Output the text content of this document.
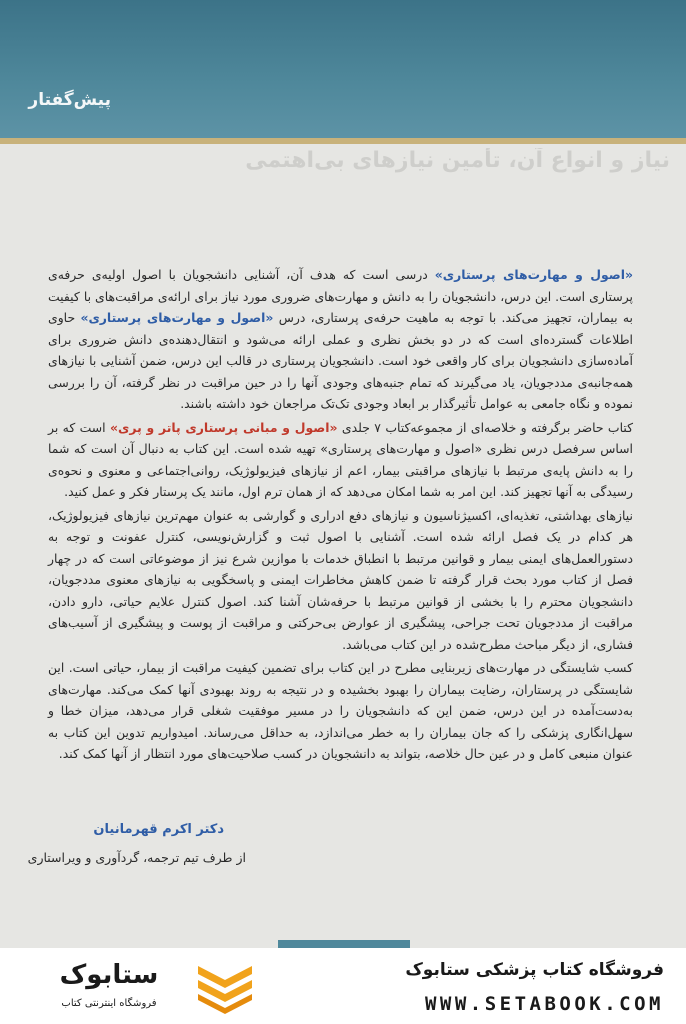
پیش‌گفتار
نیاز و انواع آن، تأمین نیازهای بی‌اهتمی

«اصول و مهارت‌های پرستاری» درسی است که هدف آن، آشنایی دانشجویان با اصول اولیه‌ی حرفه‌ی پرستاری است. این درس، دانشجویان را به دانش و مهارت‌های ضروری مورد نیاز برای ارائه‌ی مراقبت‌های با کیفیت به بیماران، تجهیز می‌کند. با توجه به ماهیت حرفه‌ی پرستاری، درس «اصول و مهارت‌های پرستاری» حاوی اطلاعات گسترده‌ای است که در دو بخش نظری و عملی ارائه می‌شود و انتقال‌دهنده‌ی دانش ضروری برای آماده‌سازی دانشجویان برای کار واقعی خود است. دانشجویان پرستاری در قالب این درس، ضمن آشنایی با نیازهای همه‌جانبه‌ی مددجویان، یاد می‌گیرند که تمام جنبه‌های وجودی آنها را در حین مراقبت در نظر گرفته، آن را بررسی نموده و نگاه جامعی به عوامل تأثیرگذار بر ابعاد وجودی تک‌تک مراجعان خود داشته باشند.

کتاب حاضر برگرفته و خلاصه‌ای از مجموعه‌کتاب ۷ جلدی «اصول و مبانی پرستاری پاتر و پری» است که بر اساس سرفصل درس نظری «اصول و مهارت‌های پرستاری» تهیه شده است. این کتاب به دنبال آن است که شما را به دانش پایه‌ی مرتبط با نیازهای مراقبتی بیمار، اعم از نیازهای فیزیولوژیک، روانی‌اجتماعی و معنوی و نحوه‌ی رسیدگی به آنها تجهیز کند. این امر به شما امکان می‌دهد که از همان ترم اول، مانند یک پرستار فکر و عمل کنید.

نیازهای بهداشتی، تغذیه‌ای، اکسیژناسیون و نیازهای دفع ادراری و گوارشی به عنوان مهم‌ترین نیازهای فیزیولوژیک، هر کدام در یک فصل ارائه شده است. آشنایی با اصول ثبت و گزارش‌نویسی، کنترل عفونت و توجه به دستورالعمل‌های ایمنی بیمار و قوانین مرتبط با انطباق خدمات با موازین شرع نیز از موضوعاتی است که در چهار فصل از کتاب مورد بحث قرار گرفته تا ضمن کاهش مخاطرات ایمنی و پاسخگویی به نیازهای معنوی مددجویان، دانشجویان محترم را با بخشی از قوانین مرتبط با حرفه‌شان آشنا کند. اصول کنترل علایم حیاتی، دارو دادن، مراقبت از مددجویان تحت جراحی، پیشگیری از عوارض بی‌حرکتی و مراقبت از پوست و پیشگیری از آسیب‌های فشاری، از دیگر مباحث مطرح‌شده در این کتاب می‌باشد.

کسب شایستگی در مهارت‌های زیربنایی مطرح در این کتاب برای تضمین کیفیت مراقبت از بیمار، حیاتی است. این شایستگی در پرستاران، رضایت بیماران را بهبود بخشیده و در نتیجه به روند بهبودی آنها کمک می‌کند. مهارت‌های به‌دست‌آمده در این درس، ضمن این که دانشجویان را در مسیر موفقیت شغلی قرار می‌دهد، میزان خطا و سهل‌انگاری پزشکی را که جان بیماران را به خطر می‌اندازد، به حداقل می‌رساند. امیدواریم تدوین این کتاب به عنوان منبعی کامل و در عین حال خلاصه، بتواند به دانشجویان در کسب صلاحیت‌های مورد انتظار از آنها کمک کند.

دکتر اکرم قهرمانیان
از طرف تیم ترجمه، گردآوری و ویراستاری
فروشگاه کتاب پزشکی ستابوک
WWW.SETABOOK.COM
ستابوک
فروشگاه اینترنتی کتاب
